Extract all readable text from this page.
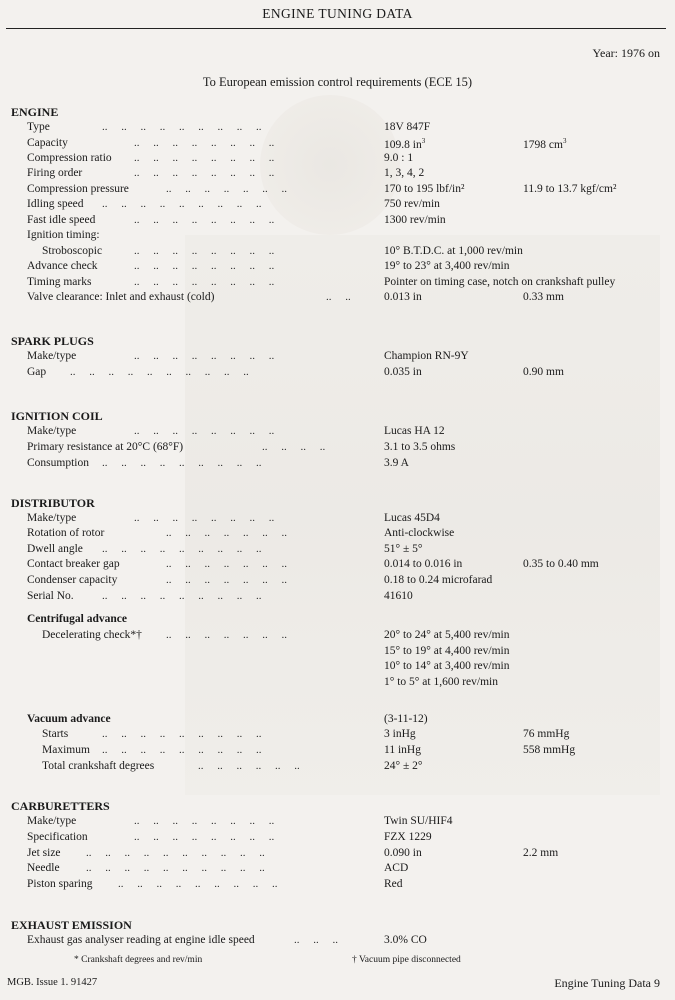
ENGINE TUNING DATA
Year: 1976 on
To European emission control requirements (ECE 15)
ENGINE
Type	..     ..     ..     ..     ..     ..     ..     ..     ..	18V 847F
Capacity	..     ..     ..     ..     ..     ..     ..     ..	109.8 $in^3$	1798 $cm^3$
Compression ratio ..     ..     ..     ..     ..     ..     ..     ..	9.0 : 1
Firing order	..     ..     ..     ..     ..     ..     ..     ..	1, 3, 4, 2
Compression pressure	..     ..     ..     ..     ..     ..     ..	170 to 195 lbf/in²	11.9 to 13.7 kgf/cm²
Idling speed ..     ..     ..     ..     ..     ..     ..     ..     ..	750 rev/min
Fast idle speed	..     ..     ..     ..     ..     ..     ..     ..	1300 rev/min
Ignition timing:
Stroboscopic	..     ..     ..     ..     ..     ..     ..     ..	10° B.T.D.C. at 1,000 rev/min
Advance check	..     ..     ..     ..     ..     ..     ..     ..	19° to 23° at 3,400 rev/min
Timing marks	..     ..     ..     ..     ..     ..     ..     ..	Pointer on timing case, notch on crankshaft pulley
Valve clearance: Inlet and exhaust (cold)	..     ..	0.013 in	0.33 mm
SPARK PLUGS
Make/type	..     ..     ..     ..     ..     ..     ..     ..	Champion RN-9Y
Gap ..     ..     ..     ..     ..     ..     ..     ..     ..     ..	0.035 in	0.90 mm
IGNITION COIL
Make/type	..     ..     ..     ..     ..     ..     ..     ..	Lucas HA 12
Primary resistance at 20°C (68°F)	..     ..     ..     ..	3.1 to 3.5 ohms
Consumption ..     ..     ..     ..     ..     ..     ..     ..     ..	3.9 A
DISTRIBUTOR
Make/type	..     ..     ..     ..     ..     ..     ..     ..	Lucas 45D4
Rotation of rotor	..     ..     ..     ..     ..     ..     ..	Anti-clockwise
Dwell angle ..     ..     ..     ..     ..     ..     ..     ..     ..	51° ± 5°
Contact breaker gap	..     ..     ..     ..     ..     ..     ..	0.014 to 0.016 in	0.35 to 0.40 mm
Condenser capacity	..     ..     ..     ..     ..     ..     ..	0.18 to 0.24 microfarad
Serial No.	..     ..     ..     ..     ..     ..     ..     ..     ..	41610
Centrifugal advance
Decelerating check*† ..     ..     ..     ..     ..     ..     ..	20° to 24° at 5,400 rev/min
15° to 19° at 4,400 rev/min
10° to 14° at 3,400 rev/min
1° to 5° at 1,600 rev/min
Vacuum advance	(3-11-12)
Starts	..     ..     ..     ..     ..     ..     ..     ..     ..	3 inHg	76 mmHg
Maximum ..     ..     ..     ..     ..     ..     ..     ..     ..	11 inHg	558 mmHg
Total crankshaft degrees	..     ..     ..     ..     ..     ..	24° ± 2°
CARBURETTERS
Make/type	..     ..     ..     ..     ..     ..     ..     ..	Twin SU/HIF4
Specification	..     ..     ..     ..     ..     ..     ..     ..	FZX 1229
Jet size ..     ..     ..     ..     ..     ..     ..     ..     ..     ..	0.090 in	2.2 mm
Needle ..     ..     ..     ..     ..     ..     ..     ..     ..     ..	ACD
Piston sparing ..     ..     ..     ..     ..     ..     ..     ..     ..	Red
EXHAUST EMISSION
Exhaust gas analyser reading at engine idle speed	..     ..     ..	3.0% CO
* Crankshaft degrees and rev/min	† Vacuum pipe disconnected
MGB. Issue 1. 91427	Engine Tuning Data 9
